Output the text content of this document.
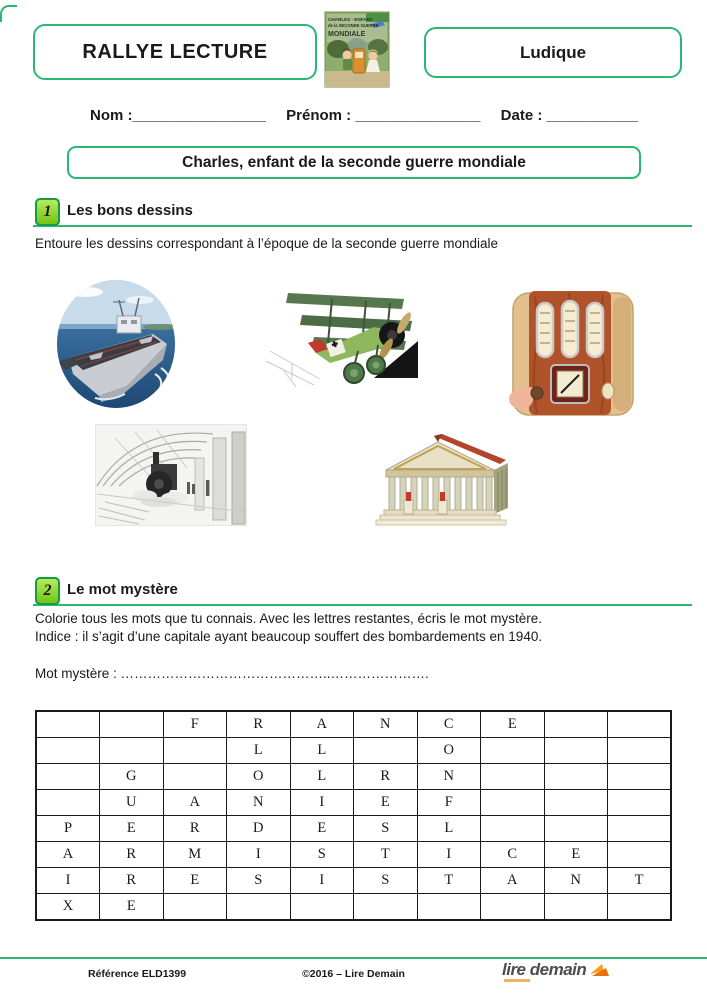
RALLYE LECTURE
CHARLES - ENFANT
de la SECONDE GUERRE
MONDIALE
Ludique
Nom :________________ Prénom : _______________ Date : ___________
Charles, enfant de la seconde guerre mondiale
1 Les bons dessins
Entoure les dessins correspondant à l’époque de la seconde guerre mondiale
2 Le mot mystère
Colorie tous les mots que tu connais. Avec les lettres restantes, écris le mot mystère.
Indice : il s’agit d’une capitale ayant beaucoup souffert des bombardements en 1940.
Mot mystère : ………………………………………..………………….
		F	R	A	N	C	E		
			L	L		O			
	G		O	L	R	N			
	U	A	N	I	E	F			
P	E	R	D	E	S	L			
A	R	M	I	S	T	I	C	E	
I	R	E	S	I	S	T	A	N	T
X	E								
Référence ELD1399	©2016 – Lire Demain	lire demain
